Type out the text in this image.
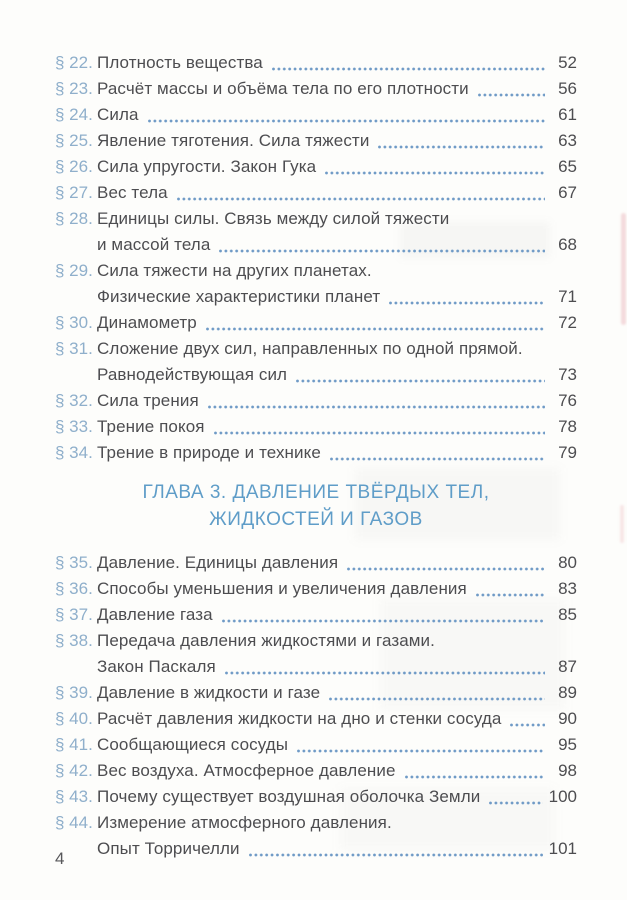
§ 22. Плотность вещества	52
§ 23. Расчёт массы и объёма тела по его плотности	56
§ 24. Сила	61
§ 25. Явление тяготения. Сила тяжести	63
§ 26. Сила упругости. Закон Гука	65
§ 27. Вес тела	67
§ 28. Единицы силы. Связь между силой тяжести
и массой тела	68
§ 29. Сила тяжести на других планетах.
Физические характеристики планет	71
§ 30. Динамометр	72
§ 31. Сложение двух сил, направленных по одной прямой.
Равнодействующая сил	73
§ 32. Сила трения	76
§ 33. Трение покоя	78
§ 34. Трение в природе и технике	79
ГЛАВА 3. ДАВЛЕНИЕ ТВЁРДЫХ ТЕЛ,
ЖИДКОСТЕЙ И ГАЗОВ
§ 35. Давление. Единицы давления	80
§ 36. Способы уменьшения и увеличения давления	83
§ 37. Давление газа	85
§ 38. Передача давления жидкостями и газами.
Закон Паскаля	87
§ 39. Давление в жидкости и газе	89
§ 40. Расчёт давления жидкости на дно и стенки сосуда	90
§ 41. Сообщающиеся сосуды	95
§ 42. Вес воздуха. Атмосферное давление	98
§ 43. Почему существует воздушная оболочка Земли	100
§ 44. Измерение атмосферного давления.
Опыт Торричелли	101
4
